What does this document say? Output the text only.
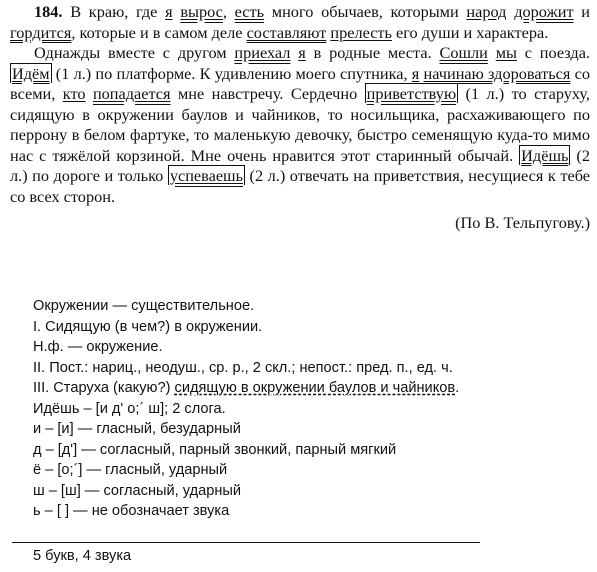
184. В краю, где я вырос, есть много обычаев, которыми народ дорожит и гордится, которые и в самом деле составляют прелесть его души и характера.

Однажды вместе с другом приехал я в родные места. Сошли мы с поезда. Идём (1 л.) по платформе. К удивлению моего спутника, я начинаю здороваться со всеми, кто попадается мне навстречу. Сердечно приветствую (1 л.) то старуху, сидящую в окружении баулов и чайников, то носильщика, расхаживающего по перрону в белом фартуке, то маленькую девочку, быстро семенящую куда-то мимо нас с тяжёлой корзиной. Мне очень нравится этот старинный обычай. Идёшь (2 л.) по дороге и только успеваешь (2 л.) отвечать на приветствия, несущиеся к тебе со всех сторон.

(По В. Тельпугову.)
Окружении — существительное.
I. Сидящую (в чем?) в окружении.
Н.ф. — окружение.
II. Пост.: нариц., неодуш., ср. р., 2 скл.; непост.: пред. п., ед. ч.
III. Старуха (какую?) сидящую в окружении баулов и чайников.
Идёшь – [и д' о;´ ш]; 2 слога.
и – [и] — гласный, безударный
д – [д'] — согласный, парный звонкий, парный мягкий
ё – [о;´] — гласный, ударный
ш – [ш] — согласный, ударный
ь – [ ] — не обозначает звука
5 букв, 4 звука
